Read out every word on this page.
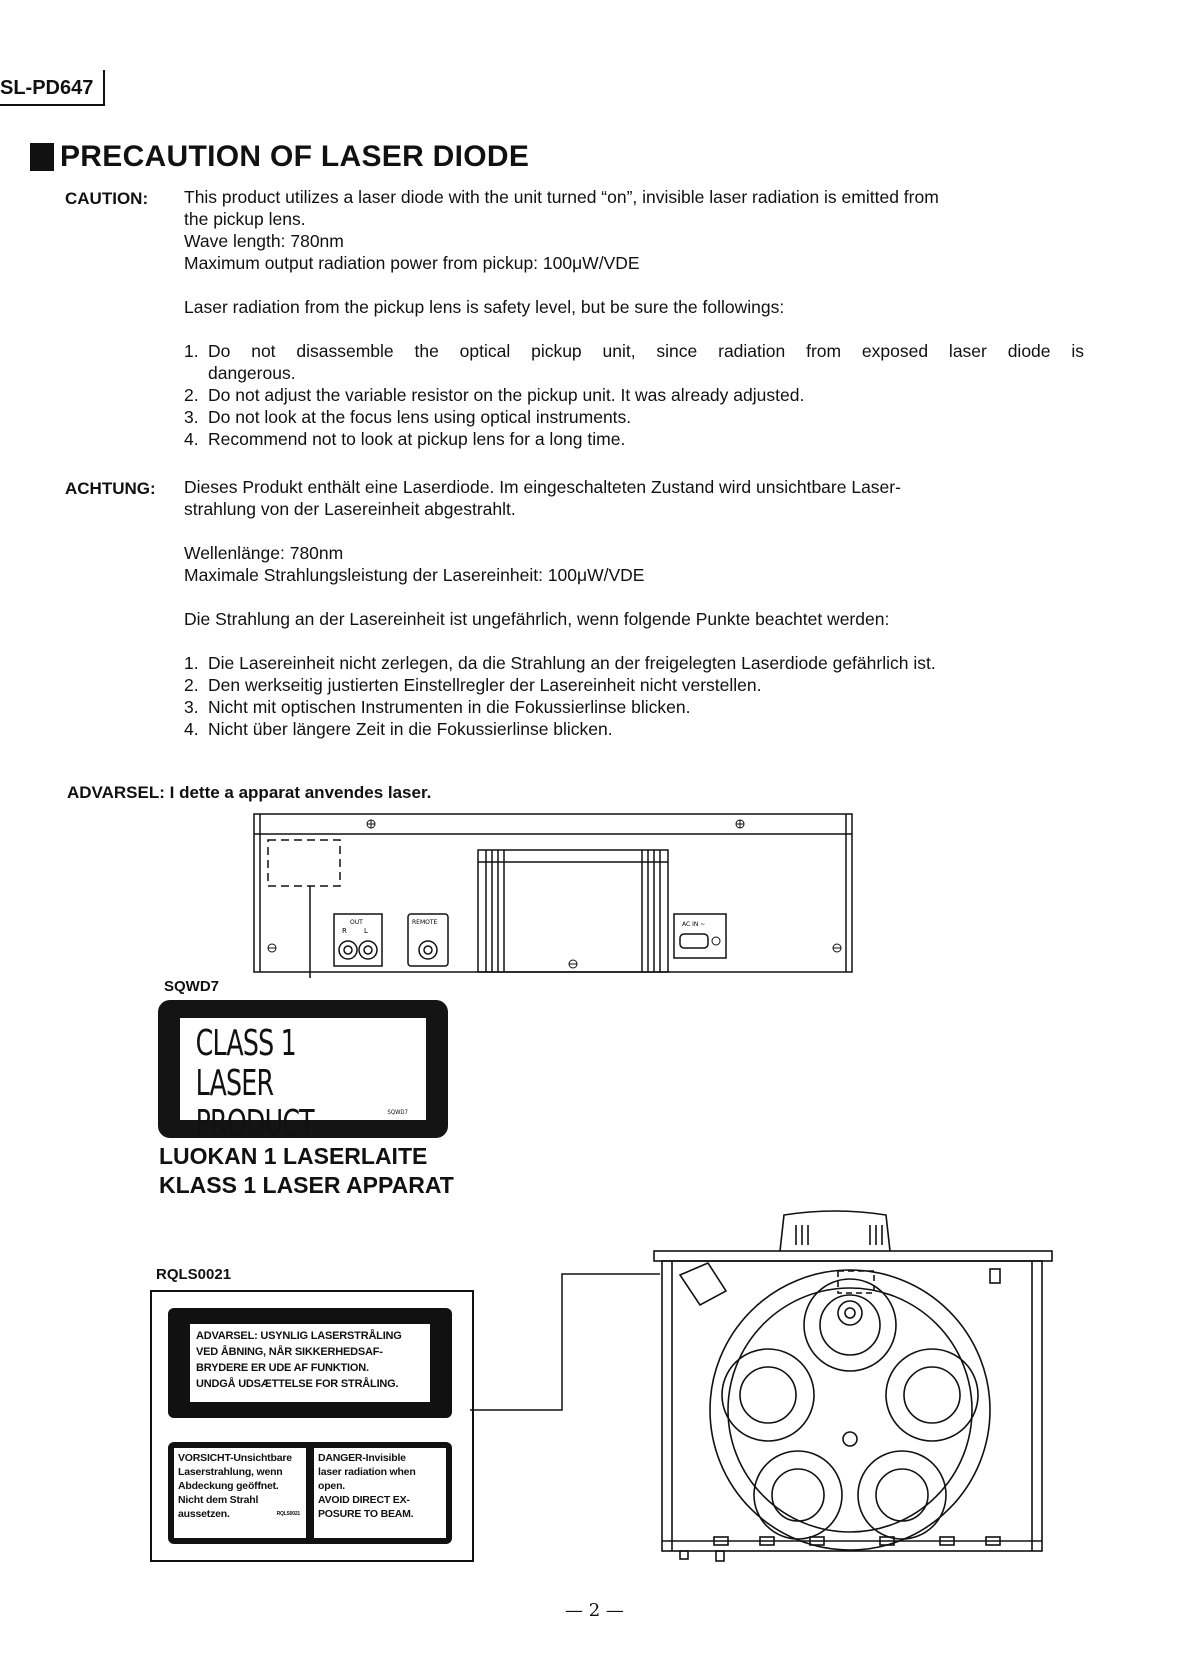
SL-PD647
PRECAUTION OF LASER DIODE
CAUTION: This product utilizes a laser diode with the unit turned “on”, invisible laser radiation is emitted from
the pickup lens.
Wave length: 780nm
Maximum output radiation power from pickup: 100μW/VDE
Laser radiation from the pickup lens is safety level, but be sure the followings:
1. Do not disassemble the optical pickup unit, since radiation from exposed laser diode is
dangerous.
2. Do not adjust the variable resistor on the pickup unit. It was already adjusted.
3. Do not look at the focus lens using optical instruments.
4. Recommend not to look at pickup lens for a long time.
ACHTUNG: Dieses Produkt enthält eine Laserdiode. Im eingeschalteten Zustand wird unsichtbare Laser-
strahlung von der Lasereinheit abgestrahlt.
Wellenlänge: 780nm
Maximale Strahlungsleistung der Lasereinheit: 100μW/VDE
Die Strahlung an der Lasereinheit ist ungefährlich, wenn folgende Punkte beachtet werden:
1. Die Lasereinheit nicht zerlegen, da die Strahlung an der freigelegten Laserdiode gefährlich ist.
2. Den werkseitig justierten Einstellregler der Lasereinheit nicht verstellen.
3. Nicht mit optischen Instrumenten in die Fokussierlinse blicken.
4. Nicht über längere Zeit in die Fokussierlinse blicken.
ADVARSEL: I dette a apparat anvendes laser.
OUT
R L
REMOTE	AC IN ~
SQWD7
CLASS 1
LASER PRODUCT	SQWD7
LUOKAN 1 LASERLAITE
KLASS 1 LASER APPARAT
RQLS0021
ADVARSEL: USYNLIG LASERSTRÅLING
VED ÅBNING, NÅR SIKKERHEDSAF-
BRYDERE ER UDE AF FUNKTION.
UNDGÅ UDSÆTTELSE FOR STRÅLING.
VORSICHT-Unsichtbare
Laserstrahlung, wenn
Abdeckung geöffnet.
Nicht dem Strahl
aussetzen.	RQLS0021
DANGER-Invisible
laser radiation when
open.
AVOID DIRECT EX-
POSURE TO BEAM.
— 2 —
